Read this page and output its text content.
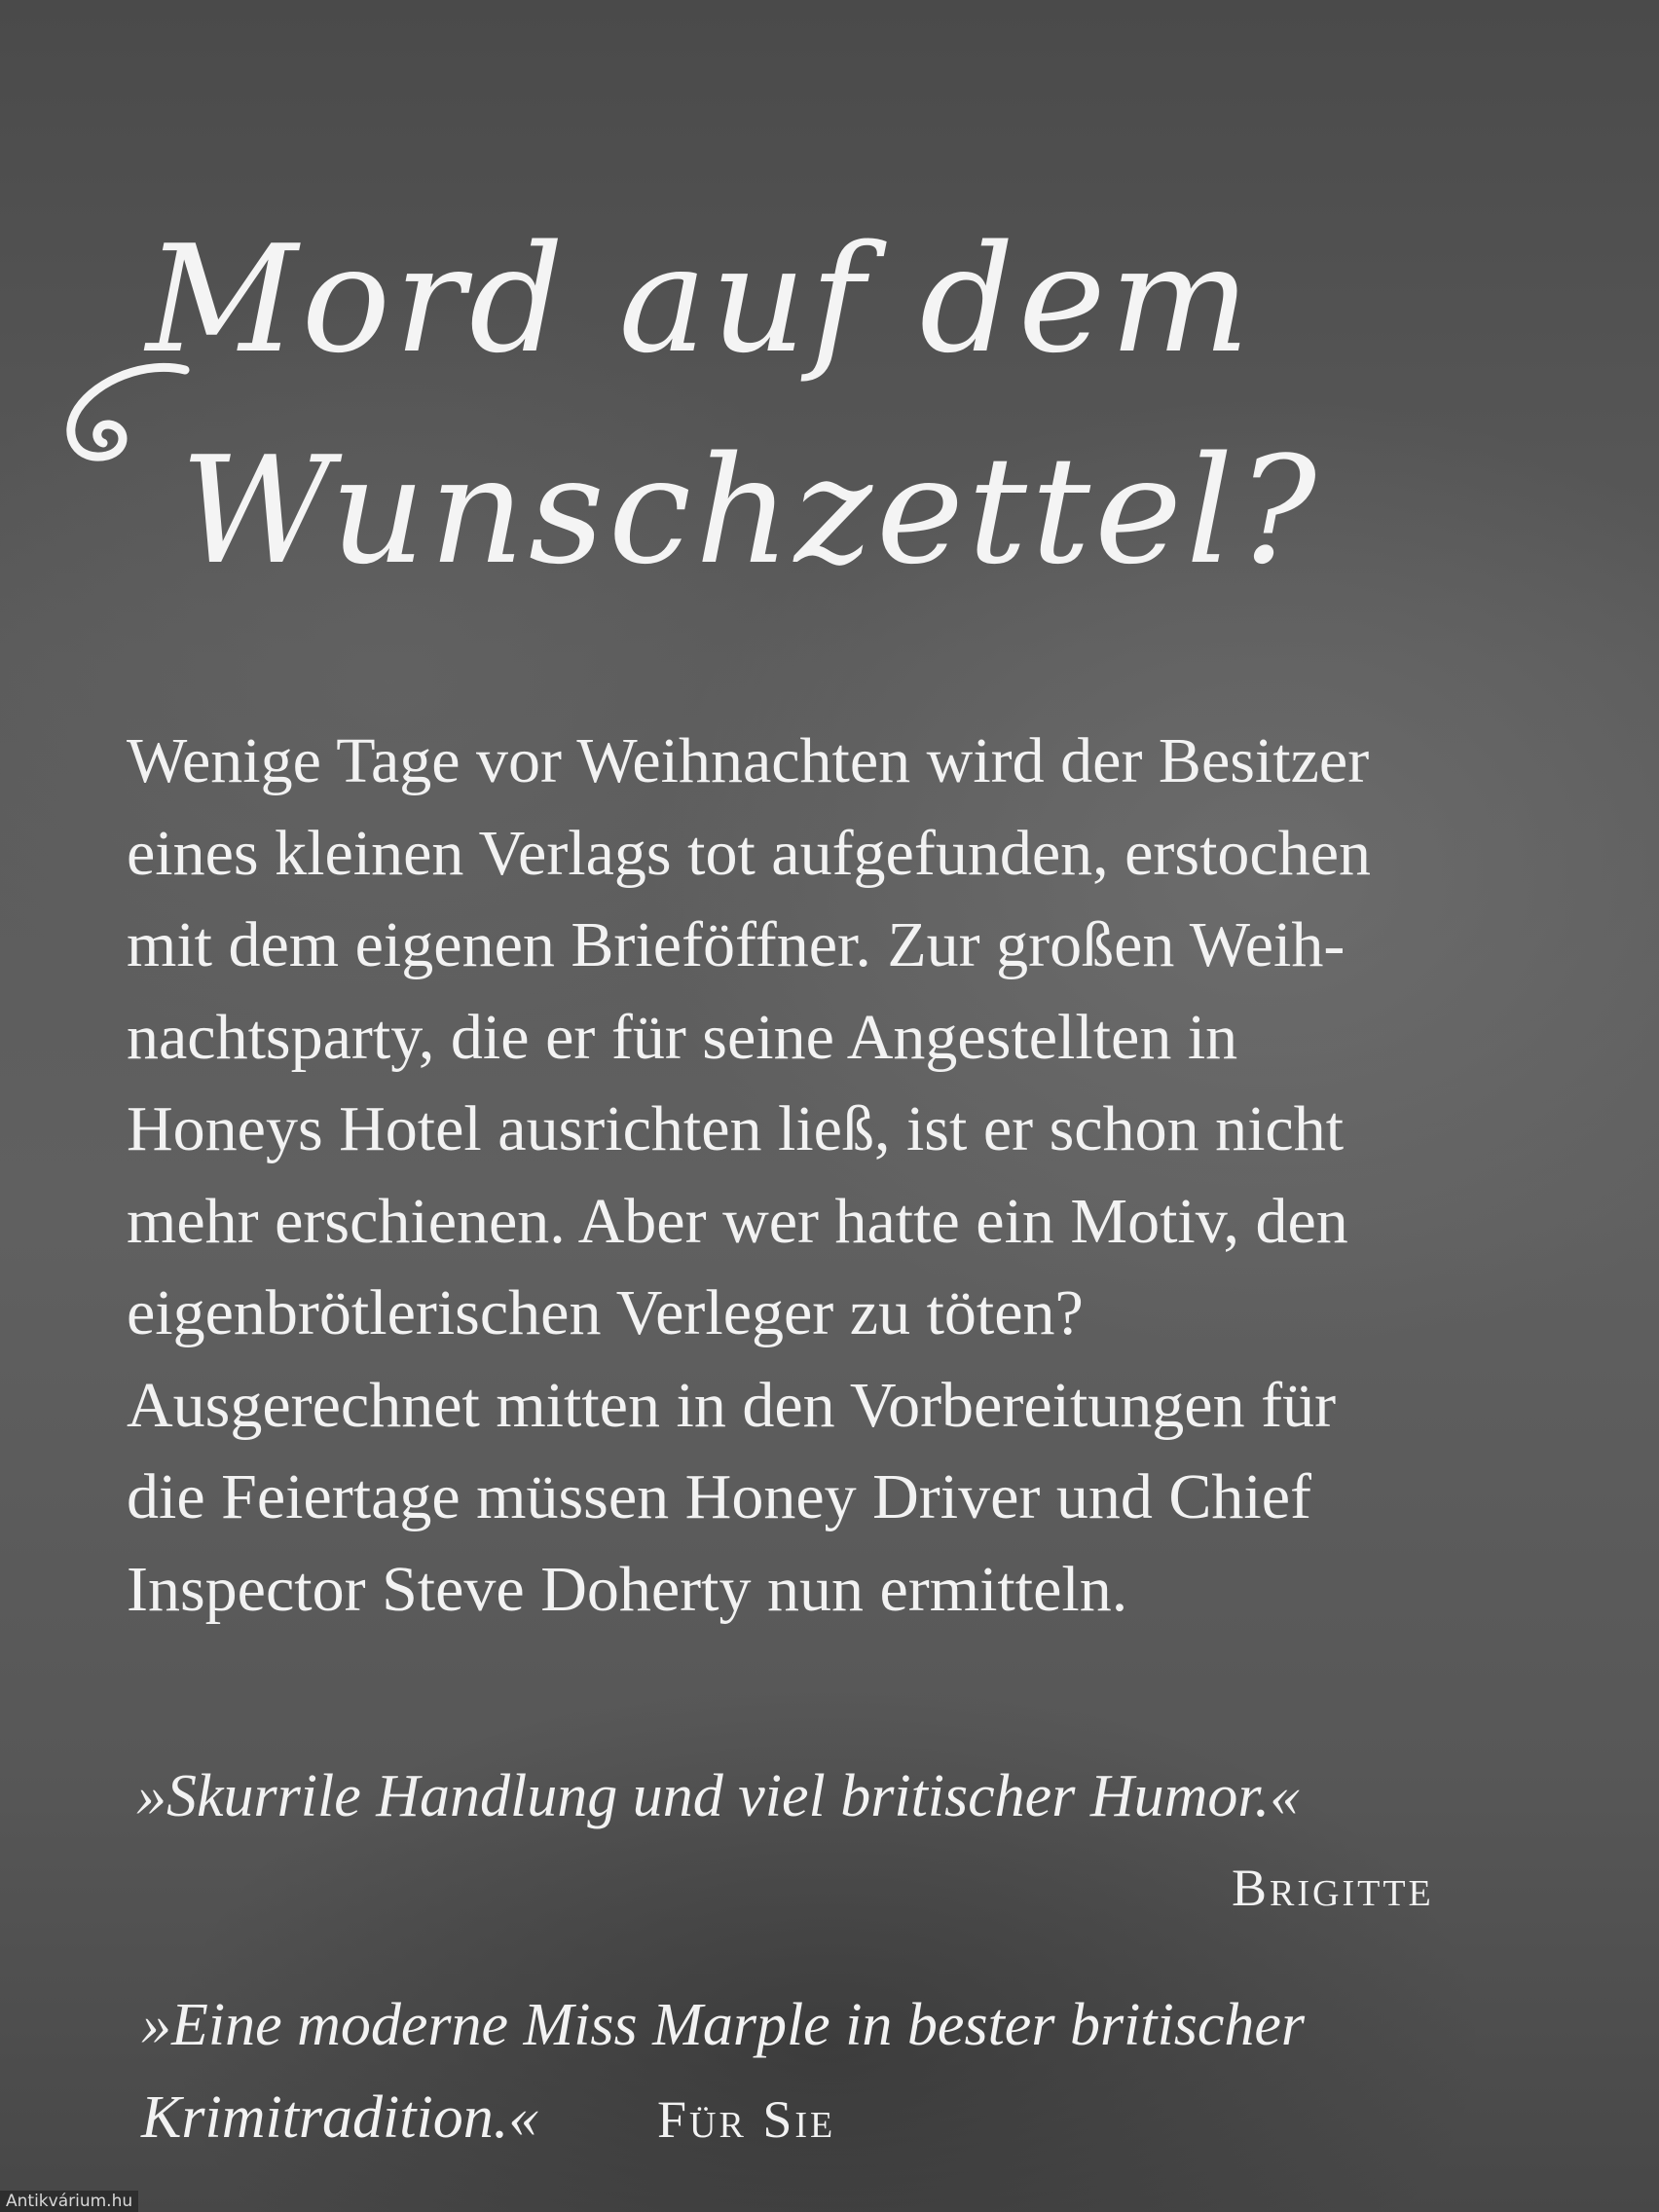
Mord auf dem
Wunschzettel?
Wenige Tage vor Weihnachten wird der Besitzer
eines kleinen Verlags tot aufgefunden, erstochen
mit dem eigenen Brieföffner. Zur großen Weih-
nachtsparty, die er für seine Angestellten in
Honeys Hotel ausrichten ließ, ist er schon nicht
mehr erschienen. Aber wer hatte ein Motiv, den
eigenbrötlerischen Verleger zu töten?
Ausgerechnet mitten in den Vorbereitungen für
die Feiertage müssen Honey Driver und Chief
Inspector Steve Doherty nun ermitteln.
»Skurrile Handlung und viel britischer Humor.«
Brigitte
»Eine moderne Miss Marple in bester britischer
Krimitradition.« Für Sie
Antikvárium.hu
